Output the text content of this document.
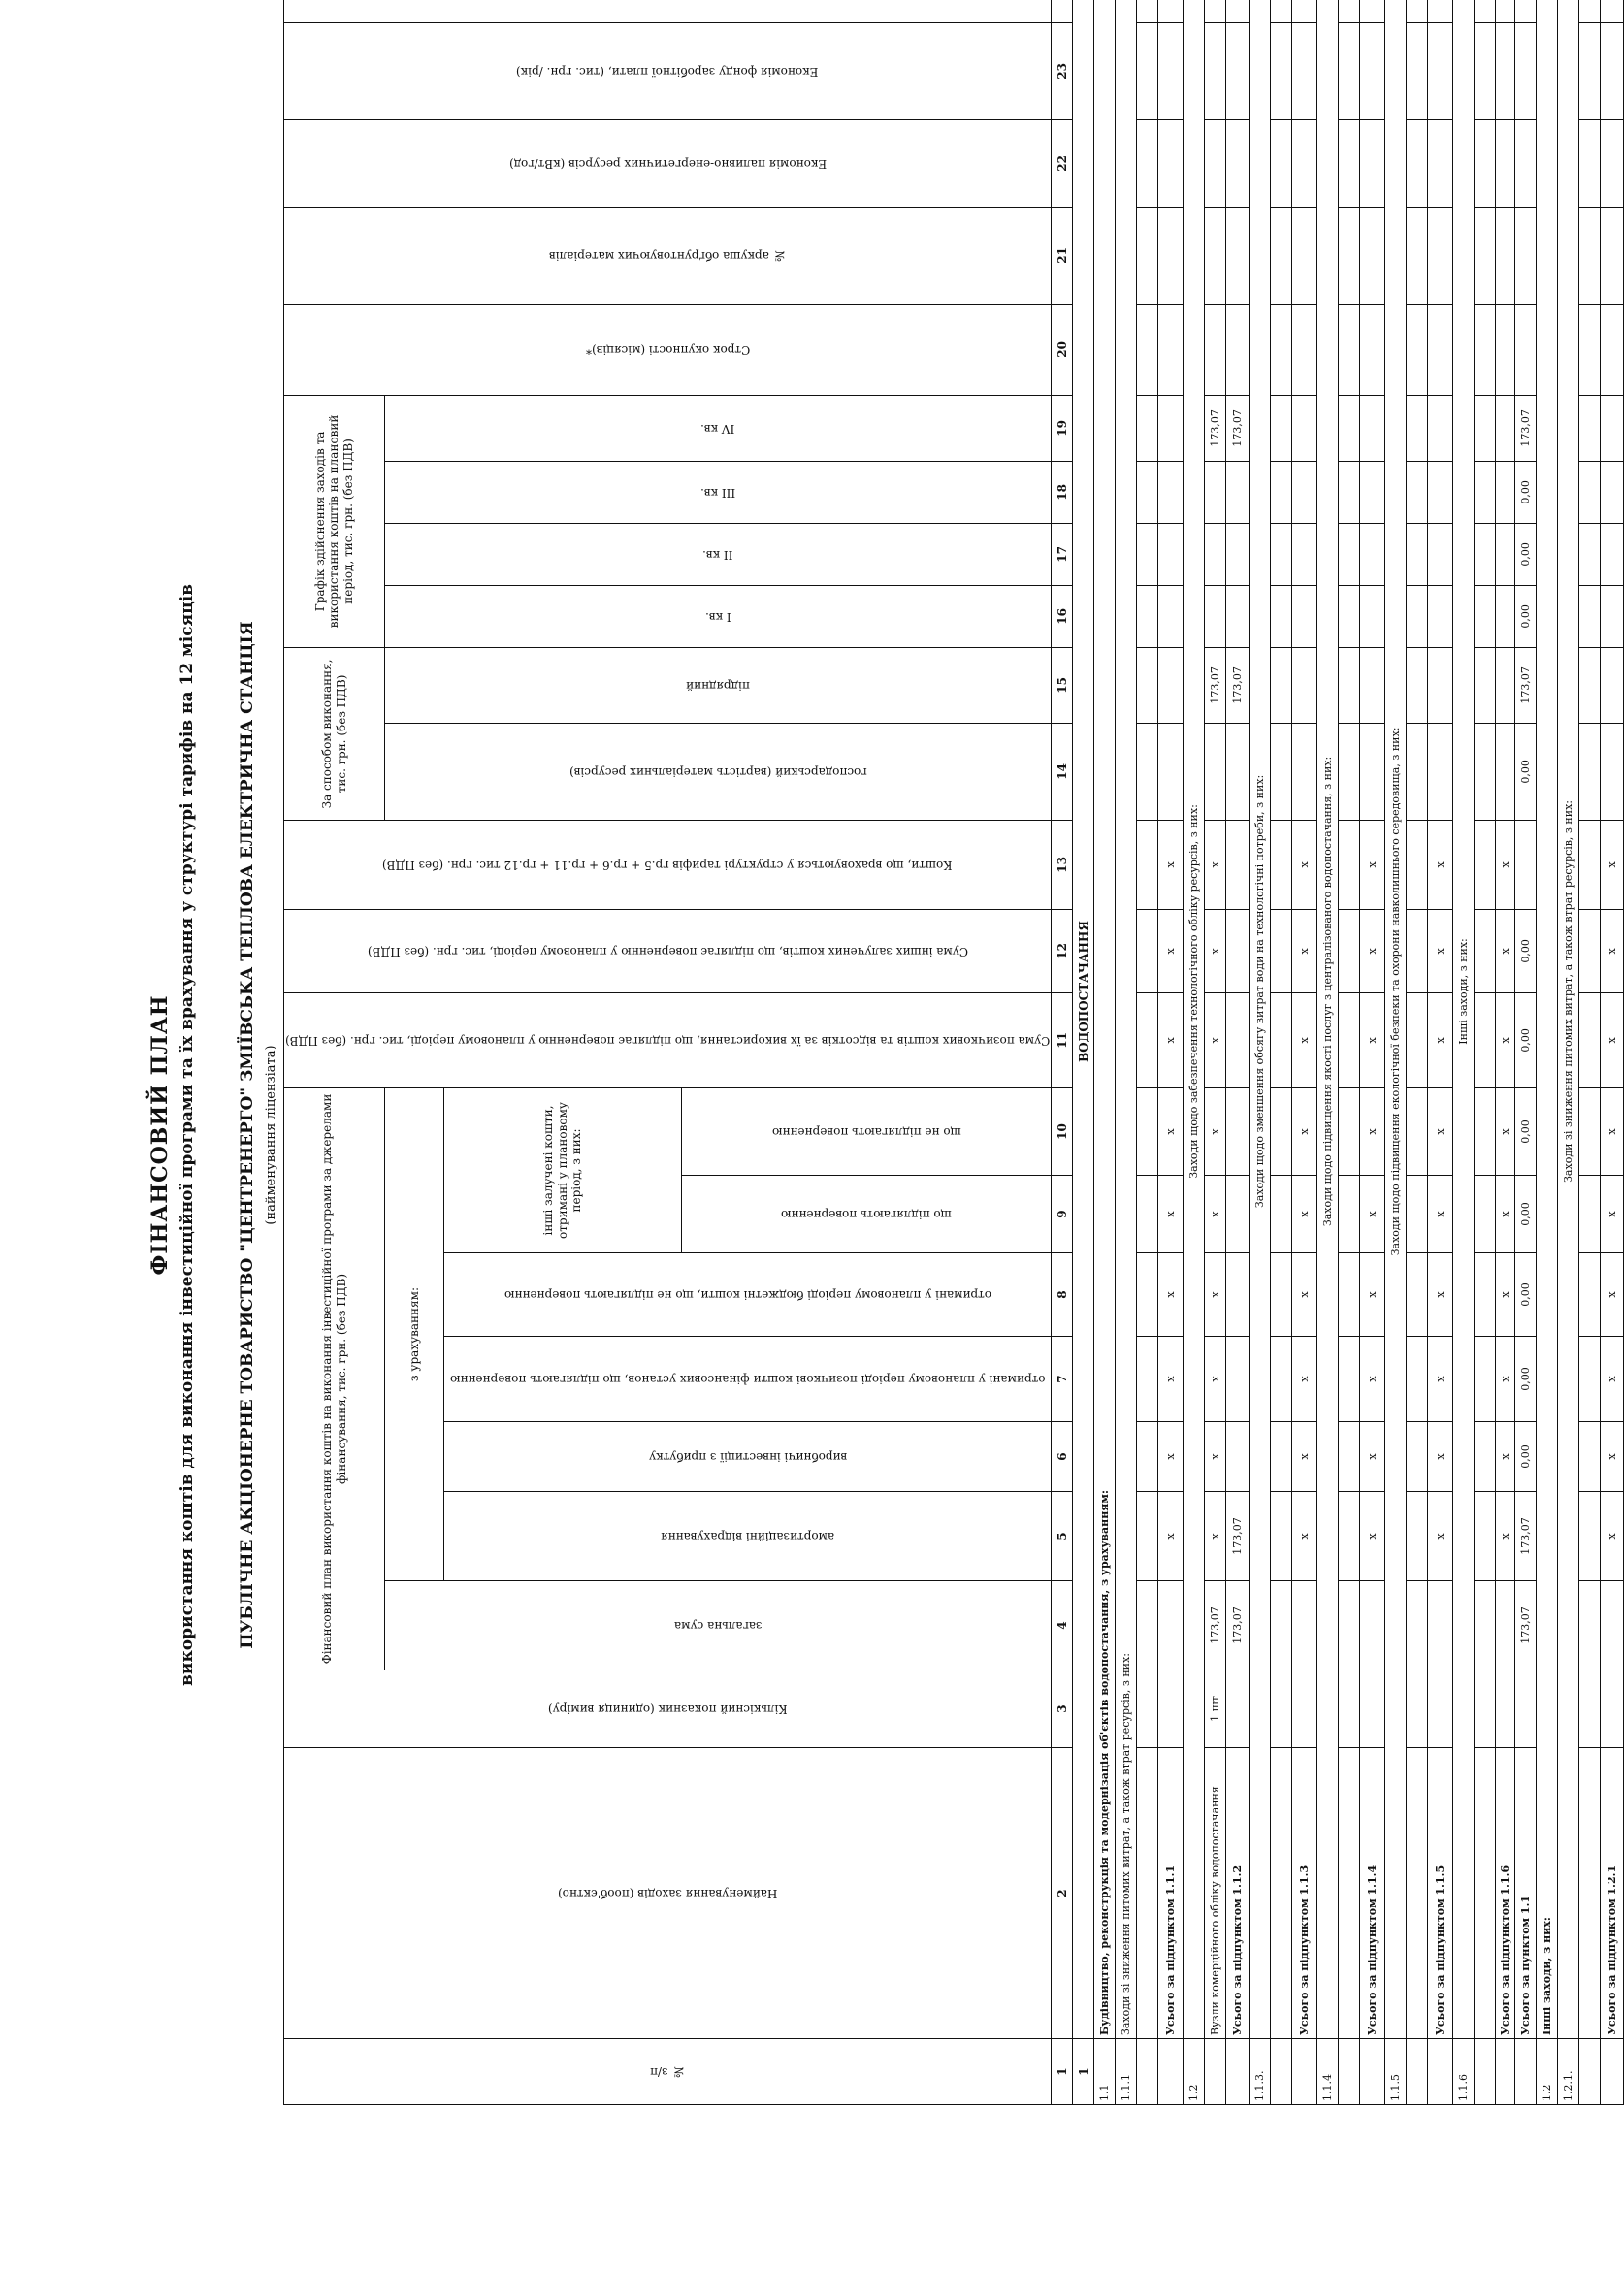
ФІНАНСОВИЙ ПЛАН використання коштів для виконання інвестиційної програми та їх врахування у структурі тарифів на 12 місяців ПУБЛІЧНЕ АКЦІОНЕРНЕ ТОВАРИСТВО "ЦЕНТРЕНЕРГО" ЗМІЇВСЬКА ТЕПЛОВА ЕЛЕКТРИЧНА СТАНЦІЯ (найменування ліцензіата)
№ з/п	Найменування заходів (пооб'єктно)	Кількісний показник (одиниця виміру)	Фінансовий план використання коштів на виконання інвестиційної програми за джерелами фінансування, тис. грн. (без ПДВ)							Сума позичкових коштів та відсотків за їх використання, що підлягає поверненню у плановому періоді, тис. грн. (без ПДВ)	Сума інших залучених коштів, що підлягає поверненню у плановому періоді, тис. грн. (без ПДВ)	Кошти, що враховуються у структурі тарифів гр.5 + гр.6 + гр.11 + гр.12 тис. грн. (без ПДВ)	За способом виконання, тис. грн. (без ПДВ)		Графік здійснення заходів та використання коштів на плановий період, тис. грн. (без ПДВ)				Строк окупності (місяців)*	№ аркуша обґрунтовуючих матеріалів	Економія паливно-енергетичних ресурсів (кВт/год)	Економія фонду заробітної плати, (тис. грн. /рік)

			загальна сума	з урахуванням:									господарський (вартість матеріальних ресурсів)	підрядний	I кв.	II кв.	III кв.	IV кв.					

				амортизаційні відрахування	виробничі інвестиції з прибутку	отримані у плановому періоді позичкові кошти фінансових установ, що підлягають поверненню	отримані у плановому періоді бюджетні кошти, що не підлягають поверненню	інші залучені кошти, отримані у плановому період, з них:															

								що підлягають поверненню	що не підлягають поверненню														

1	2	3	4	5	6	7	8	9	10	11	12	13	14	15	16	17	18	19	20	21	22	23	
1	ВОДОПОСТАЧАННЯ																						
1.1	Будівництво, реконструкція та модернізація об'єктів водопостачання, з урахуванням:																						
1.1.1	Заходи зі зниження питомих витрат, а також втрат ресурсів, з них:																						

	Усього за підпунктом 1.1.1			х	х	х	х	х	х	х	х	х											
1.2	Заходи щодо забезпечення технологічного обліку ресурсів, з них:																						
	Вузли комерційного обліку водопостачання	1 шт	173,07	х	х	х	х	х	х	х	х	х		173,07				173,07					
	Усього за підпунктом 1.1.2		173,07	173,07										173,07				173,07					
1.1.3.	Заходи щодо зменшення обсягу витрат води на технологічні потреби, з них:																						

	Усього за підпунктом 1.1.3			х	х	х	х	х	х	х	х	х											
1.1.4	Заходи щодо підвищення якості послуг з централізованого водопостачання, з них:																						

	Усього за підпунктом 1.1.4			х	х	х	х	х	х	х	х	х											
1.1.5	Заходи щодо підвищення екологічної безпеки та охорони навколишнього середовища, з них:																						

	Усього за підпунктом 1.1.5			х	х	х	х	х	х	х	х	х											
1.1.6	Інші заходи, з них:																						

	Усього за підпунктом 1.1.6			х	х	х	х	х	х	х	х	х											
	Усього за пунктом 1.1		173,07	173,07	0,00	0,00	0,00	0,00	0,00	0,00	0,00		0,00	173,07	0,00	0,00	0,00	173,07					
1.2	Інші заходи, з них:																						
1.2.1.	Заходи зі зниження питомих витрат, а також втрат ресурсів, з них:																						

	Усього за підпунктом 1.2.1			х	х	х	х	х	х	х	х	х											
